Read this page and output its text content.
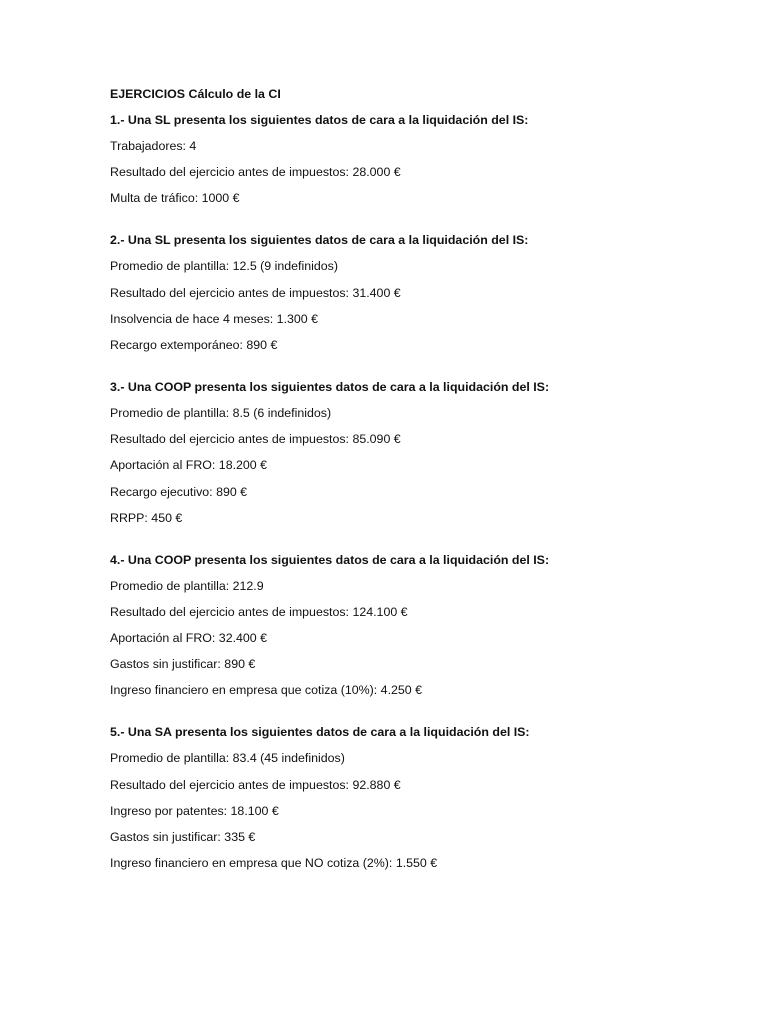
EJERCICIOS Cálculo de la CI
1.- Una SL presenta los siguientes datos de cara a la liquidación del IS:
Trabajadores: 4
Resultado del ejercicio antes de impuestos: 28.000 €
Multa de tráfico: 1000 €
2.- Una SL presenta los siguientes datos de cara a la liquidación del IS:
Promedio de plantilla: 12.5 (9 indefinidos)
Resultado del ejercicio antes de impuestos: 31.400 €
Insolvencia de hace 4 meses: 1.300 €
Recargo extemporáneo: 890 €
3.- Una COOP presenta los siguientes datos de cara a la liquidación del IS:
Promedio de plantilla: 8.5 (6 indefinidos)
Resultado del ejercicio antes de impuestos: 85.090 €
Aportación al FRO: 18.200 €
Recargo ejecutivo: 890 €
RRPP: 450 €
4.- Una COOP presenta los siguientes datos de cara a la liquidación del IS:
Promedio de plantilla: 212.9
Resultado del ejercicio antes de impuestos: 124.100 €
Aportación al FRO: 32.400 €
Gastos sin justificar: 890 €
Ingreso financiero en empresa que cotiza (10%): 4.250 €
5.- Una SA presenta los siguientes datos de cara a la liquidación del IS:
Promedio de plantilla: 83.4 (45 indefinidos)
Resultado del ejercicio antes de impuestos: 92.880 €
Ingreso por patentes: 18.100 €
Gastos sin justificar: 335 €
Ingreso financiero en empresa que NO cotiza (2%): 1.550 €
